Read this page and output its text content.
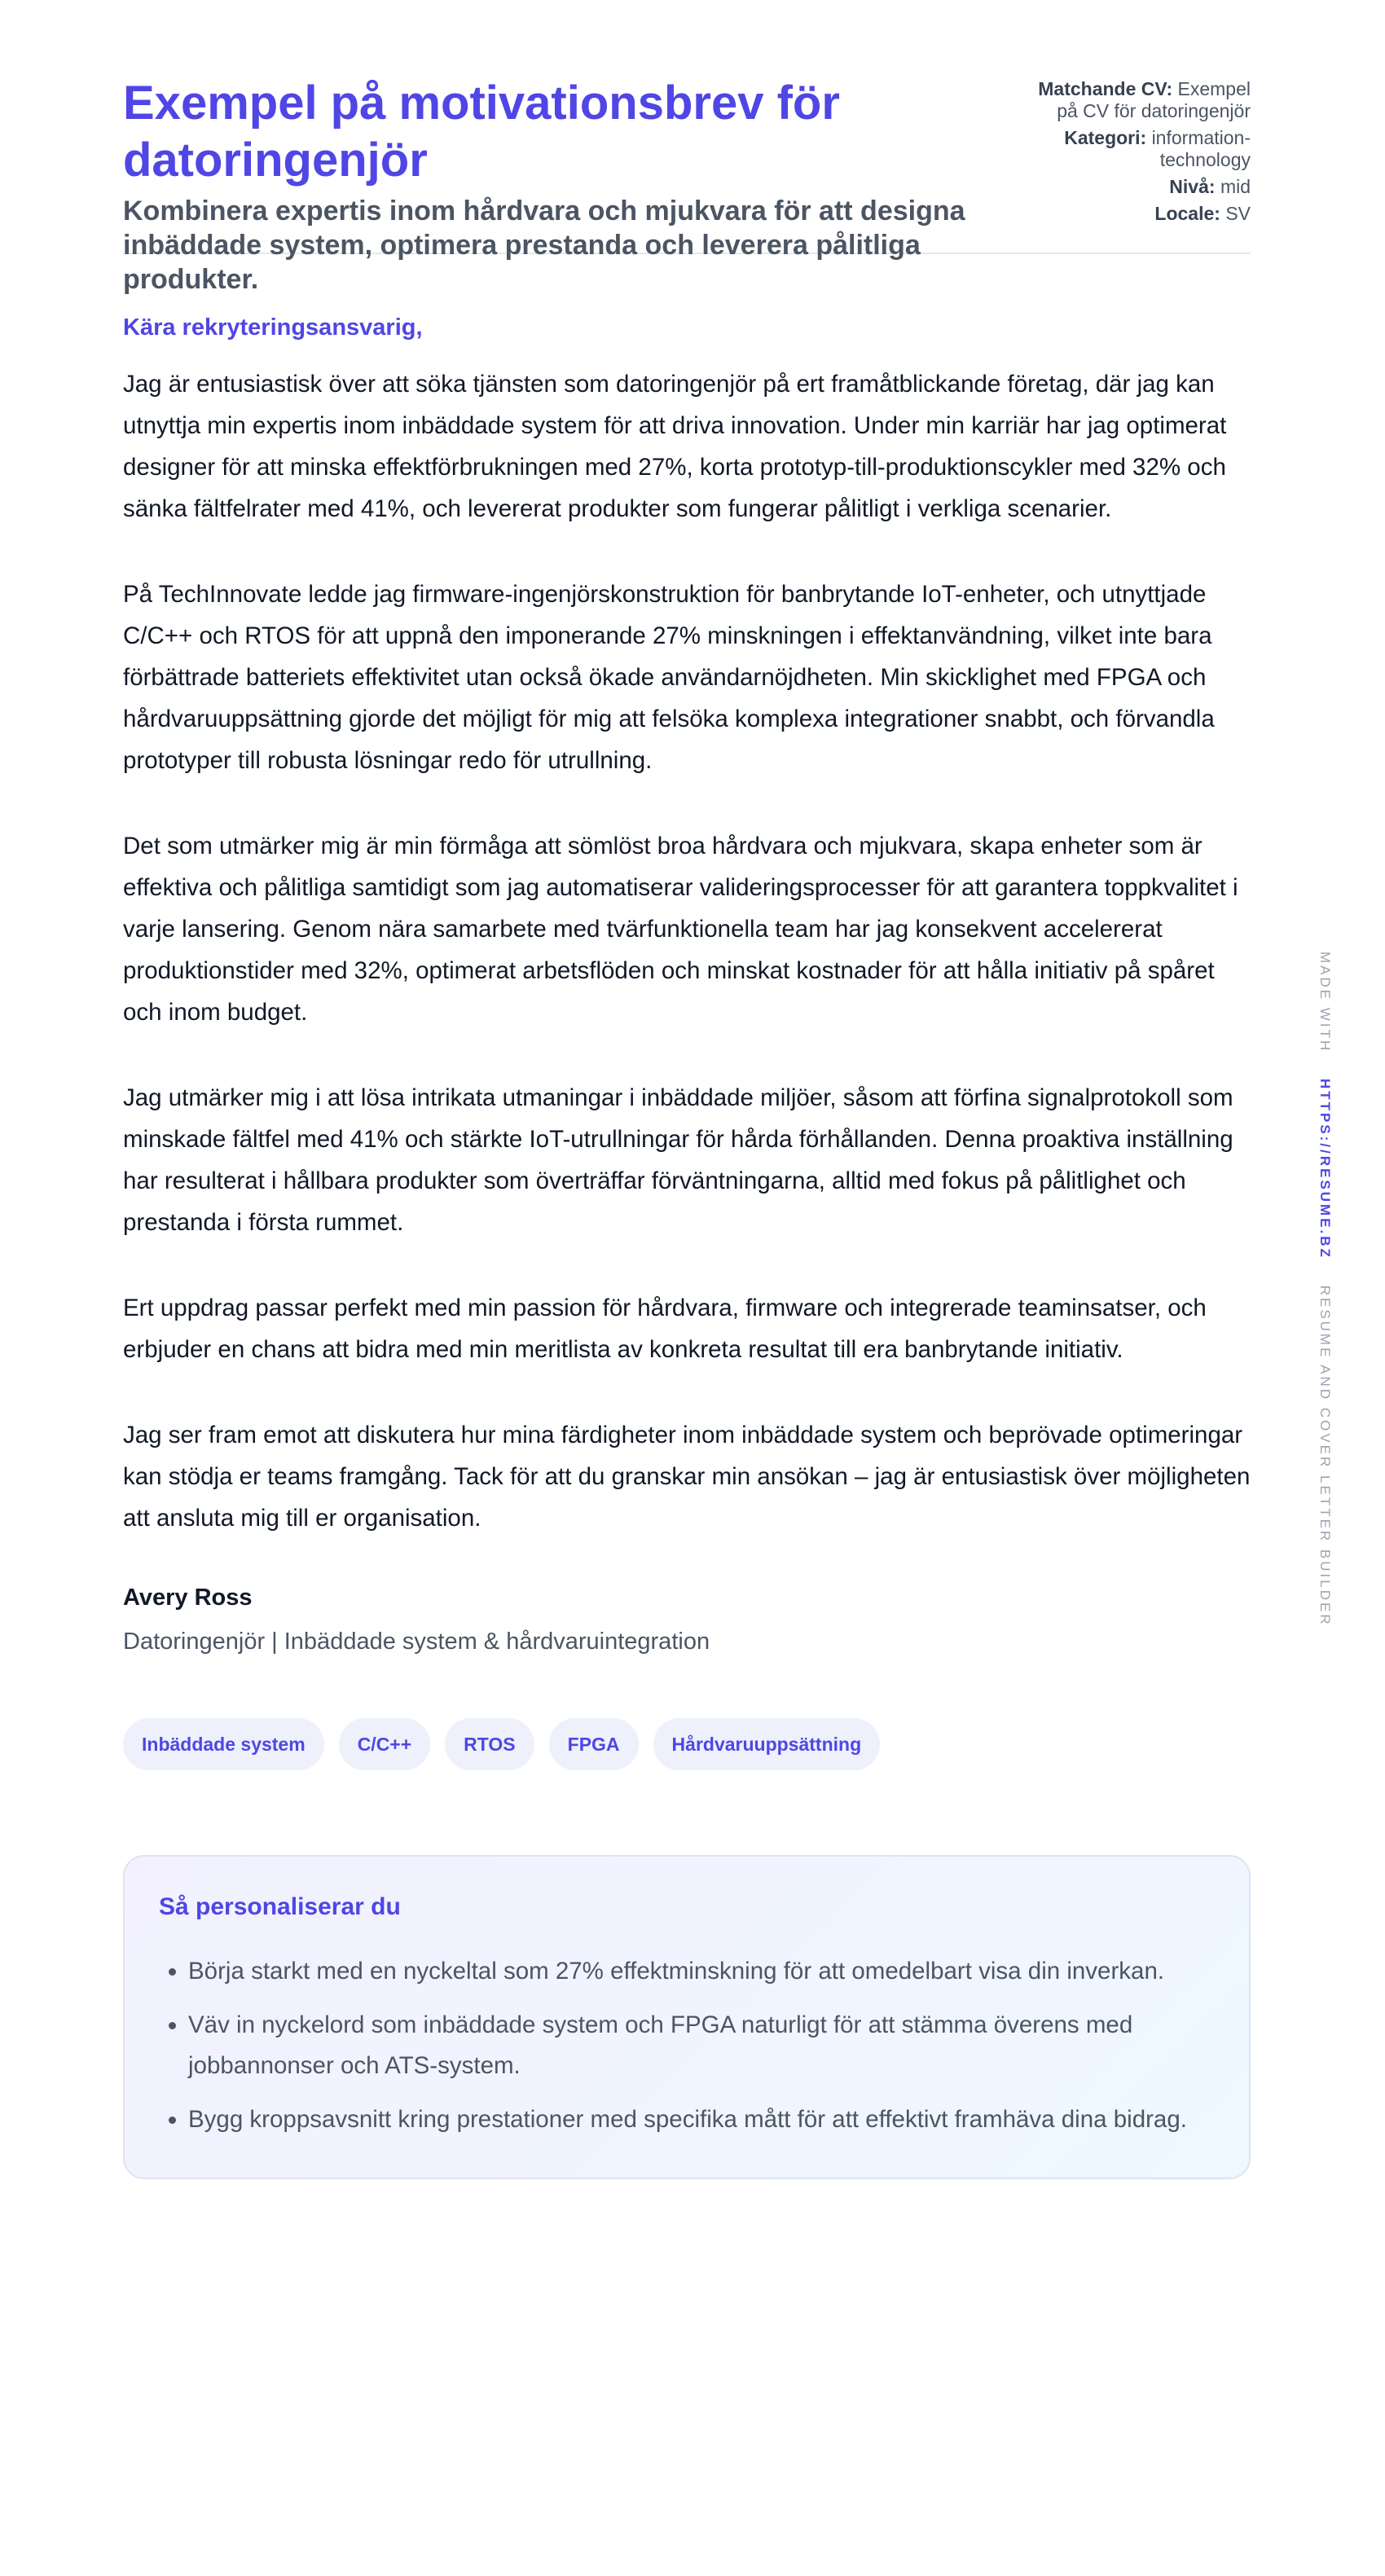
Exempel på motivationsbrev för datoringenjör

Kombinera expertis inom hårdvara och mjukvara för att designa inbäddade system, optimera prestanda och leverera pålitliga produkter.

Matchande CV: Exempel på CV för datoringenjör
Kategori: information-technology
Nivå: mid
Locale: SV

Kära rekryteringsansvarig,

Jag är entusiastisk över att söka tjänsten som datoringenjör på ert framåtblickande företag, där jag kan utnyttja min expertis inom inbäddade system för att driva innovation. Under min karriär har jag optimerat designer för att minska effektförbrukningen med 27%, korta prototyp-till-produktionscykler med 32% och sänka fältfelrater med 41%, och levererat produkter som fungerar pålitligt i verkliga scenarier.

På TechInnovate ledde jag firmware-ingenjörskonstruktion för banbrytande IoT-enheter, och utnyttjade C/C++ och RTOS för att uppnå den imponerande 27% minskningen i effektanvändning, vilket inte bara förbättrade batteriets effektivitet utan också ökade användarnöjdheten. Min skicklighet med FPGA och hårdvaruuppsättning gjorde det möjligt för mig att felsöka komplexa integrationer snabbt, och förvandla prototyper till robusta lösningar redo för utrullning.

Det som utmärker mig är min förmåga att sömlöst broa hårdvara och mjukvara, skapa enheter som är effektiva och pålitliga samtidigt som jag automatiserar valideringsprocesser för att garantera toppkvalitet i varje lansering. Genom nära samarbete med tvärfunktionella team har jag konsekvent accelererat produktionstider med 32%, optimerat arbetsflöden och minskat kostnader för att hålla initiativ på spåret och inom budget.

Jag utmärker mig i att lösa intrikata utmaningar i inbäddade miljöer, såsom att förfina signalprotokoll som minskade fältfel med 41% och stärkte IoT-utrullningar för hårda förhållanden. Denna proaktiva inställning har resulterat i hållbara produkter som överträffar förväntningarna, alltid med fokus på pålitlighet och prestanda i första rummet.

Ert uppdrag passar perfekt med min passion för hårdvara, firmware och integrerade teaminsatser, och erbjuder en chans att bidra med min meritlista av konkreta resultat till era banbrytande initiativ.

Jag ser fram emot att diskutera hur mina färdigheter inom inbäddade system och beprövade optimeringar kan stödja er teams framgång. Tack för att du granskar min ansökan – jag är entusiastisk över möjligheten att ansluta mig till er organisation.

Avery Ross

Datoringenjör | Inbäddade system & hårdvaruintegration

Inbäddade system	C/C++	RTOS	FPGA	Hårdvaruuppsättning

Så personaliserar du

• Börja starkt med en nyckeltal som 27% effektminskning för att omedelbart visa din inverkan.
• Väv in nyckelord som inbäddade system och FPGA naturligt för att stämma överens med jobbannonser och ATS-system.
• Bygg kroppsavsnitt kring prestationer med specifika mått för att effektivt framhäva dina bidrag.
MADE WITH HTTPS://RESUME.BZ RESUME AND COVER LETTER BUILDER
